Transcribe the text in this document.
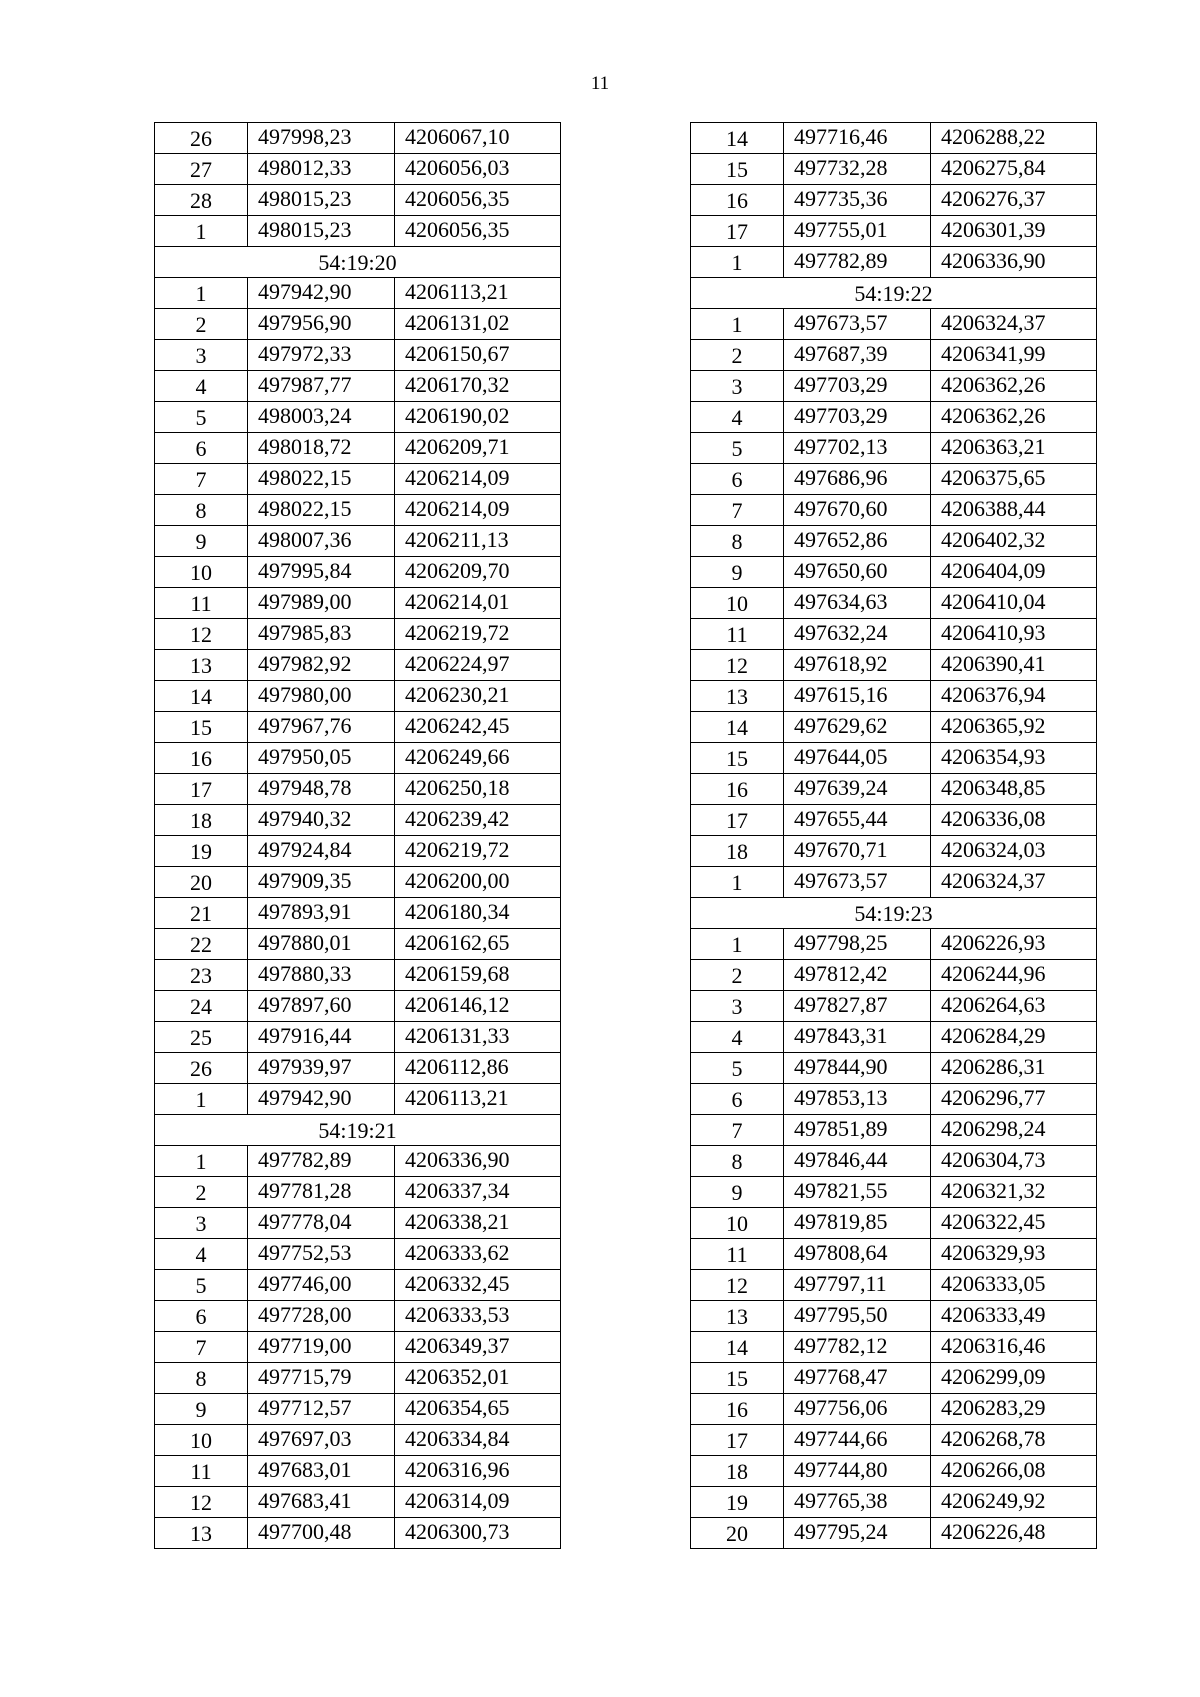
11
26	497998,23	4206067,10
27	498012,33	4206056,03
28	498015,23	4206056,35
1	498015,23	4206056,35
54:19:20		
1	497942,90	4206113,21
2	497956,90	4206131,02
3	497972,33	4206150,67
4	497987,77	4206170,32
5	498003,24	4206190,02
6	498018,72	4206209,71
7	498022,15	4206214,09
8	498022,15	4206214,09
9	498007,36	4206211,13
10	497995,84	4206209,70
11	497989,00	4206214,01
12	497985,83	4206219,72
13	497982,92	4206224,97
14	497980,00	4206230,21
15	497967,76	4206242,45
16	497950,05	4206249,66
17	497948,78	4206250,18
18	497940,32	4206239,42
19	497924,84	4206219,72
20	497909,35	4206200,00
21	497893,91	4206180,34
22	497880,01	4206162,65
23	497880,33	4206159,68
24	497897,60	4206146,12
25	497916,44	4206131,33
26	497939,97	4206112,86
1	497942,90	4206113,21
54:19:21		
1	497782,89	4206336,90
2	497781,28	4206337,34
3	497778,04	4206338,21
4	497752,53	4206333,62
5	497746,00	4206332,45
6	497728,00	4206333,53
7	497719,00	4206349,37
8	497715,79	4206352,01
9	497712,57	4206354,65
10	497697,03	4206334,84
11	497683,01	4206316,96
12	497683,41	4206314,09
13	497700,48	4206300,73
14	497716,46	4206288,22
15	497732,28	4206275,84
16	497735,36	4206276,37
17	497755,01	4206301,39
1	497782,89	4206336,90
54:19:22		
1	497673,57	4206324,37
2	497687,39	4206341,99
3	497703,29	4206362,26
4	497703,29	4206362,26
5	497702,13	4206363,21
6	497686,96	4206375,65
7	497670,60	4206388,44
8	497652,86	4206402,32
9	497650,60	4206404,09
10	497634,63	4206410,04
11	497632,24	4206410,93
12	497618,92	4206390,41
13	497615,16	4206376,94
14	497629,62	4206365,92
15	497644,05	4206354,93
16	497639,24	4206348,85
17	497655,44	4206336,08
18	497670,71	4206324,03
1	497673,57	4206324,37
54:19:23		
1	497798,25	4206226,93
2	497812,42	4206244,96
3	497827,87	4206264,63
4	497843,31	4206284,29
5	497844,90	4206286,31
6	497853,13	4206296,77
7	497851,89	4206298,24
8	497846,44	4206304,73
9	497821,55	4206321,32
10	497819,85	4206322,45
11	497808,64	4206329,93
12	497797,11	4206333,05
13	497795,50	4206333,49
14	497782,12	4206316,46
15	497768,47	4206299,09
16	497756,06	4206283,29
17	497744,66	4206268,78
18	497744,80	4206266,08
19	497765,38	4206249,92
20	497795,24	4206226,48
